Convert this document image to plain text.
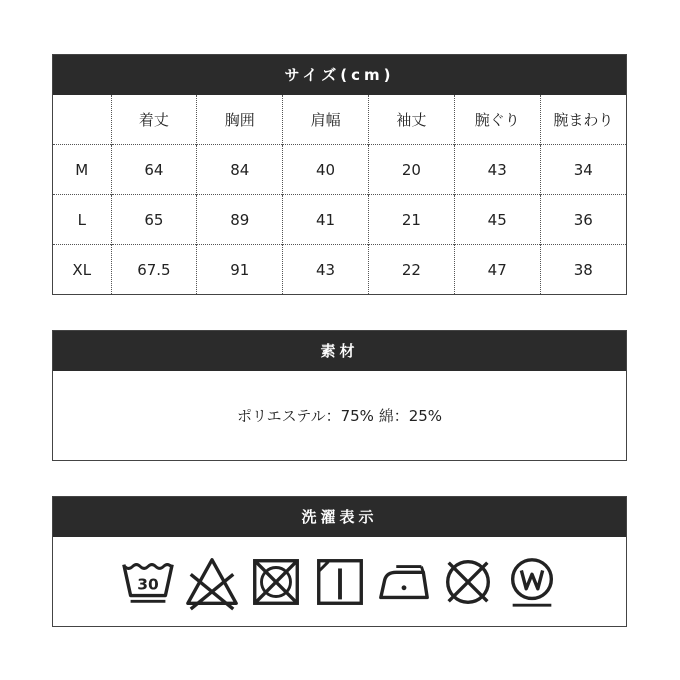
サイズ(cm)
	着丈	胸囲	肩幅	袖丈	腕ぐり	腕まわり
M	64	84	40	20	43	34
L	65	89	41	21	45	36
XL	67.5	91	43	22	47	38
素材
ポリエステル：75% 綿：25%
洗濯表示
30
